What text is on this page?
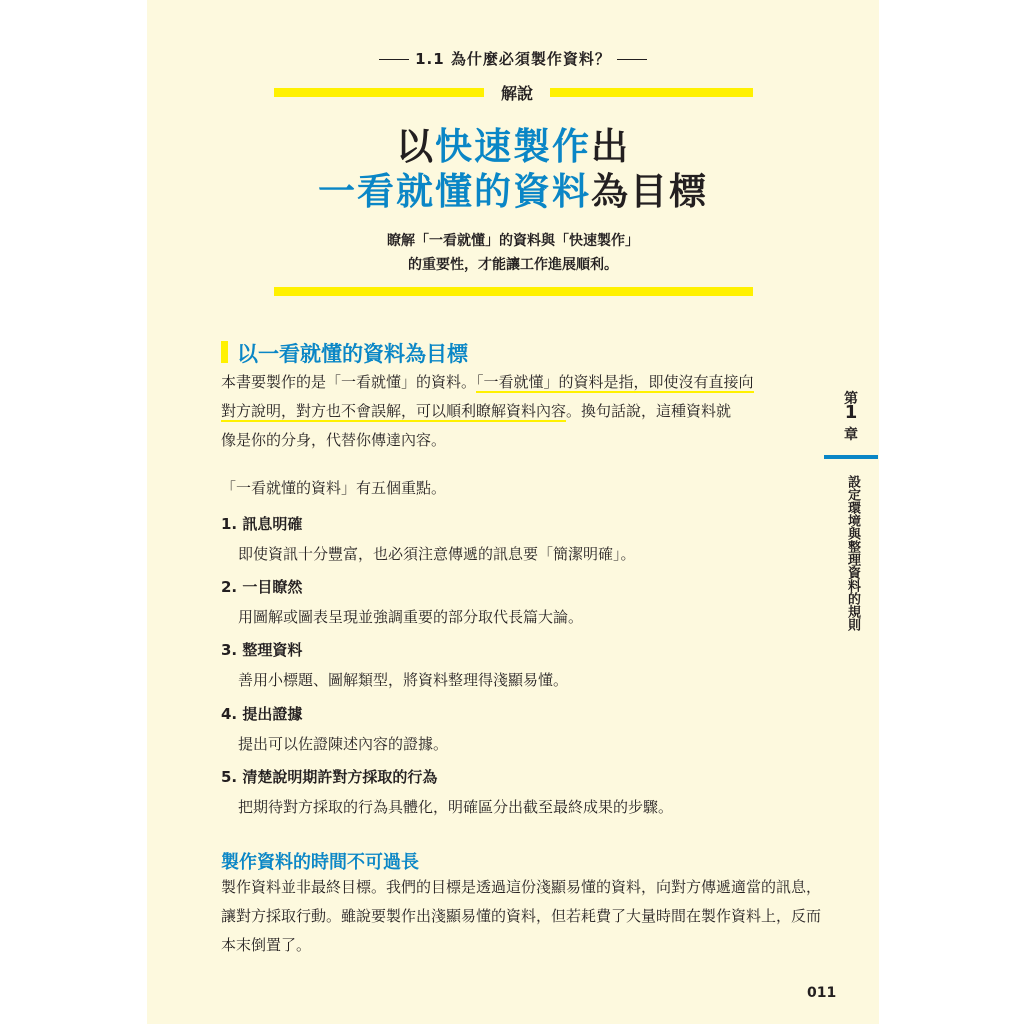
1.1 為什麼必須製作資料？
解說
以快速製作出
一看就懂的資料為目標
瞭解「一看就懂」的資料與「快速製作」
的重要性，才能讓工作進展順利。
以一看就懂的資料為目標
本書要製作的是「一看就懂」的資料。「一看就懂」的資料是指，即使沒有直接向
對方說明，對方也不會誤解，可以順利瞭解資料內容。換句話說，這種資料就
像是你的分身，代替你傳達內容。
「一看就懂的資料」有五個重點。
1. 訊息明確
即使資訊十分豐富，也必須注意傳遞的訊息要「簡潔明確」。
2. 一目瞭然
用圖解或圖表呈現並強調重要的部分取代長篇大論。
3. 整理資料
善用小標題、圖解類型，將資料整理得淺顯易懂。
4. 提出證據
提出可以佐證陳述內容的證據。
5. 清楚說明期許對方採取的行為
把期待對方採取的行為具體化，明確區分出截至最終成果的步驟。
製作資料的時間不可過長
製作資料並非最終目標。我們的目標是透過這份淺顯易懂的資料，向對方傳遞適當的訊息，讓對方採取行動。雖說要製作出淺顯易懂的資料，但若耗費了大量時間在製作資料上，反而本末倒置了。
第
1
章
設定環境與整理資料的規則
011
